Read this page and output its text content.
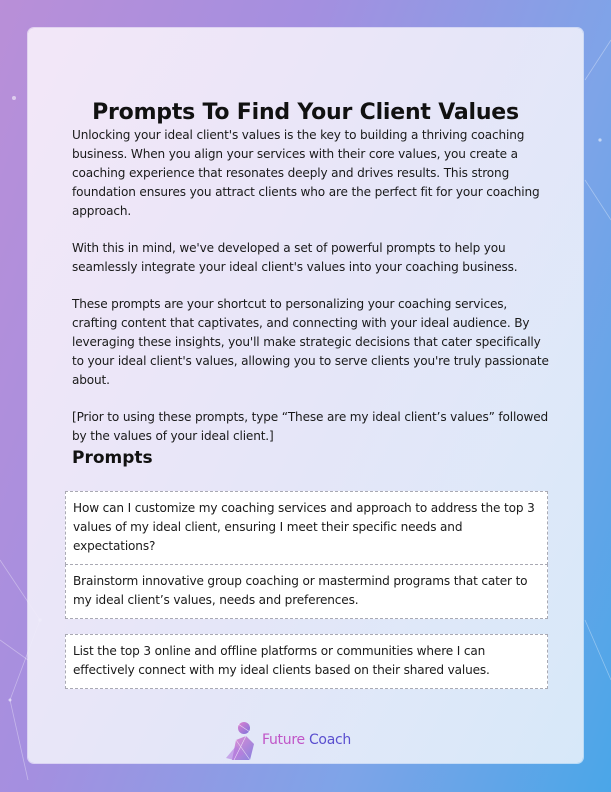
Prompts To Find Your Client Values

Unlocking your ideal client's values is the key to building a thriving coaching business. When you align your services with their core values, you create a coaching experience that resonates deeply and drives results. This strong foundation ensures you attract clients who are the perfect fit for your coaching approach.

With this in mind, we've developed a set of powerful prompts to help you seamlessly integrate your ideal client's values into your coaching business.

These prompts are your shortcut to personalizing your coaching services, crafting content that captivates, and connecting with your ideal audience. By leveraging these insights, you'll make strategic decisions that cater specifically to your ideal client's values, allowing you to serve clients you're truly passionate about.

[Prior to using these prompts, type “These are my ideal client’s values” followed by the values of your ideal client.]

Prompts
How can I customize my coaching services and approach to address the top 3 values of my ideal client, ensuring I meet their specific needs and expectations?
Brainstorm innovative group coaching or mastermind programs that cater to my ideal client’s values, needs and preferences.
List the top 3 online and offline platforms or communities where I can effectively connect with my ideal clients based on their shared values.
Future Coach
